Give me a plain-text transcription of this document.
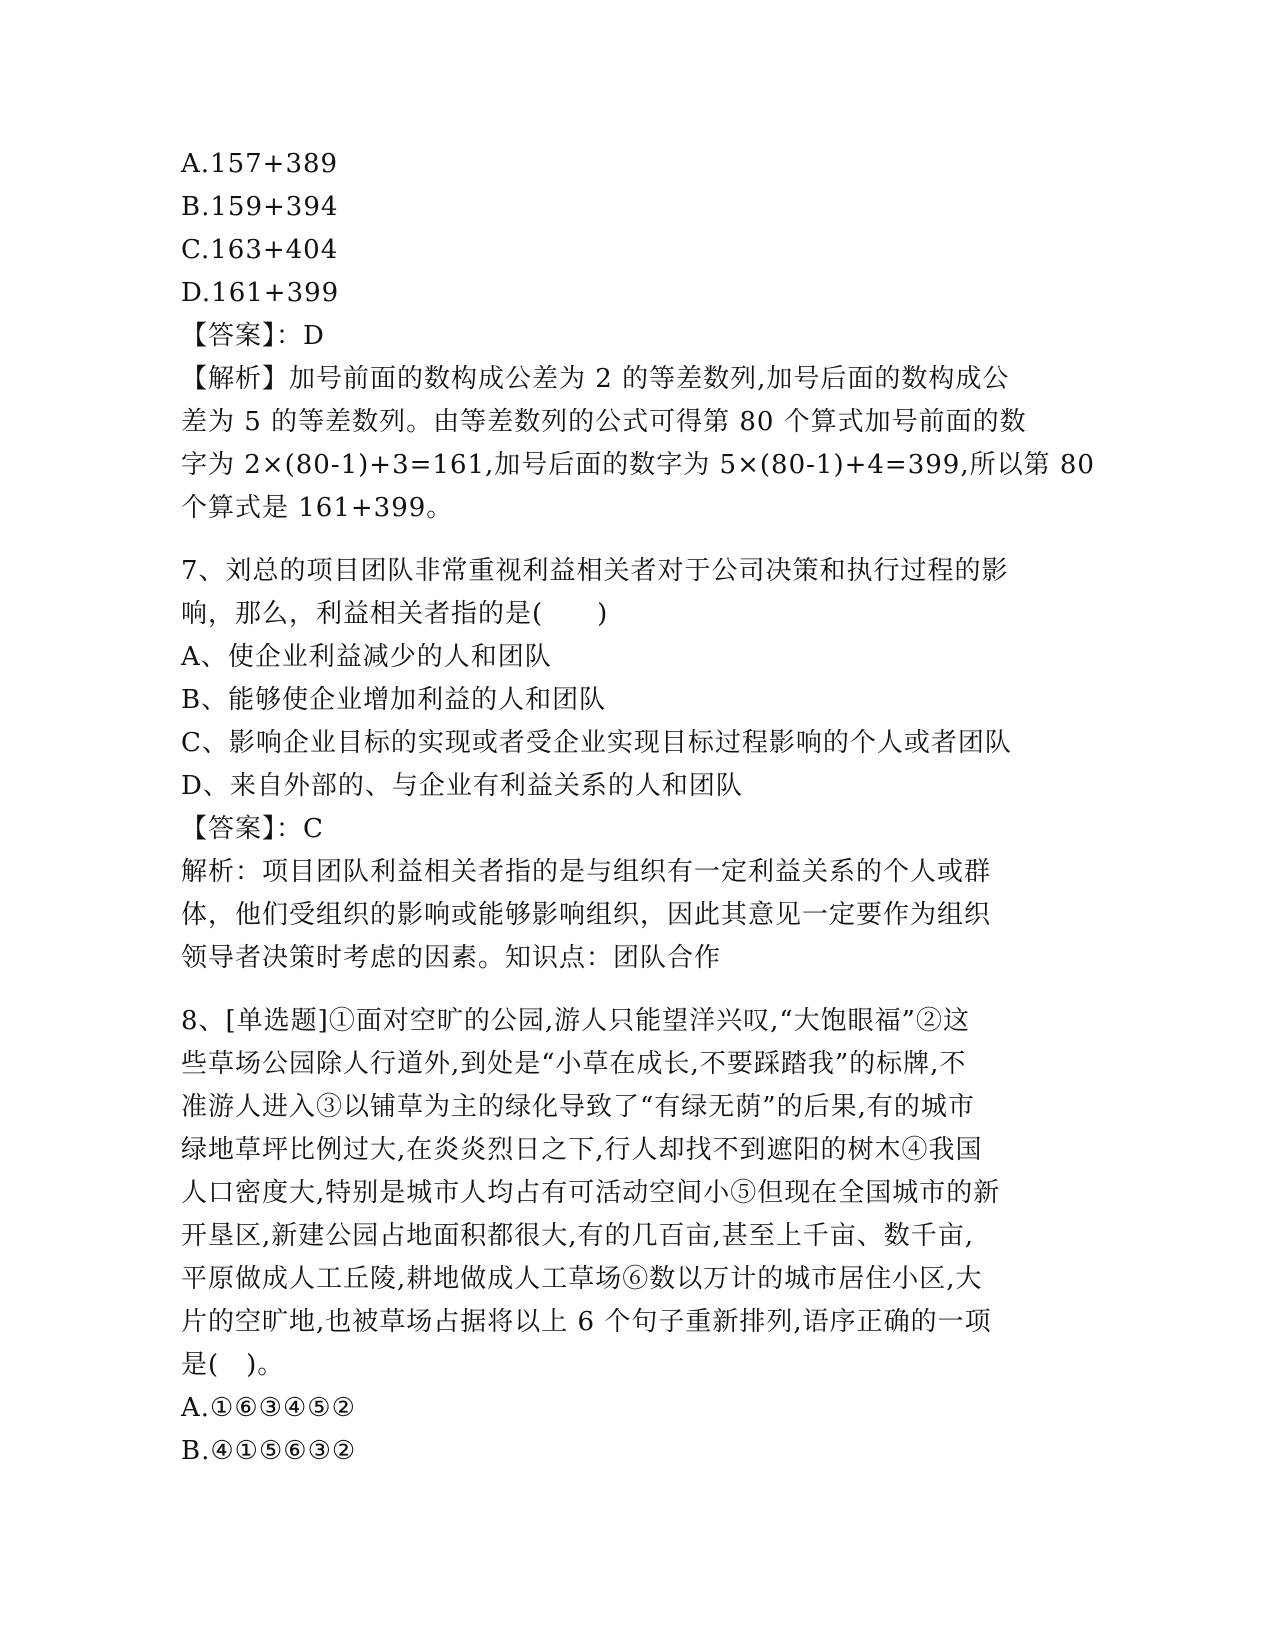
A.157+389
B.159+394
C.163+404
D.161+399
【答案】：D
【解析】加号前面的数构成公差为 2 的等差数列,加号后面的数构成公
差为 5 的等差数列。由等差数列的公式可得第 80 个算式加号前面的数
字为 2×(80-1)+3=161,加号后面的数字为 5×(80-1)+4=399,所以第 80
个算式是 161+399。
7、刘总的项目团队非常重视利益相关者对于公司决策和执行过程的影
响，那么，利益相关者指的是(　　)
A、使企业利益减少的人和团队
B、能够使企业增加利益的人和团队
C、影响企业目标的实现或者受企业实现目标过程影响的个人或者团队
D、来自外部的、与企业有利益关系的人和团队
【答案】：C
解析：项目团队利益相关者指的是与组织有一定利益关系的个人或群
体，他们受组织的影响或能够影响组织，因此其意见一定要作为组织
领导者决策时考虑的因素。知识点：团队合作
8、[单选题]①面对空旷的公园,游人只能望洋兴叹,“大饱眼福”②这
些草场公园除人行道外,到处是“小草在成长,不要踩踏我”的标牌,不
准游人进入③以铺草为主的绿化导致了“有绿无荫”的后果,有的城市
绿地草坪比例过大,在炎炎烈日之下,行人却找不到遮阳的树木④我国
人口密度大,特别是城市人均占有可活动空间小⑤但现在全国城市的新
开垦区,新建公园占地面积都很大,有的几百亩,甚至上千亩、数千亩,
平原做成人工丘陵,耕地做成人工草场⑥数以万计的城市居住小区,大
片的空旷地,也被草场占据将以上 6 个句子重新排列,语序正确的一项
是(　)。
A.①⑥③④⑤②
B.④①⑤⑥③②
